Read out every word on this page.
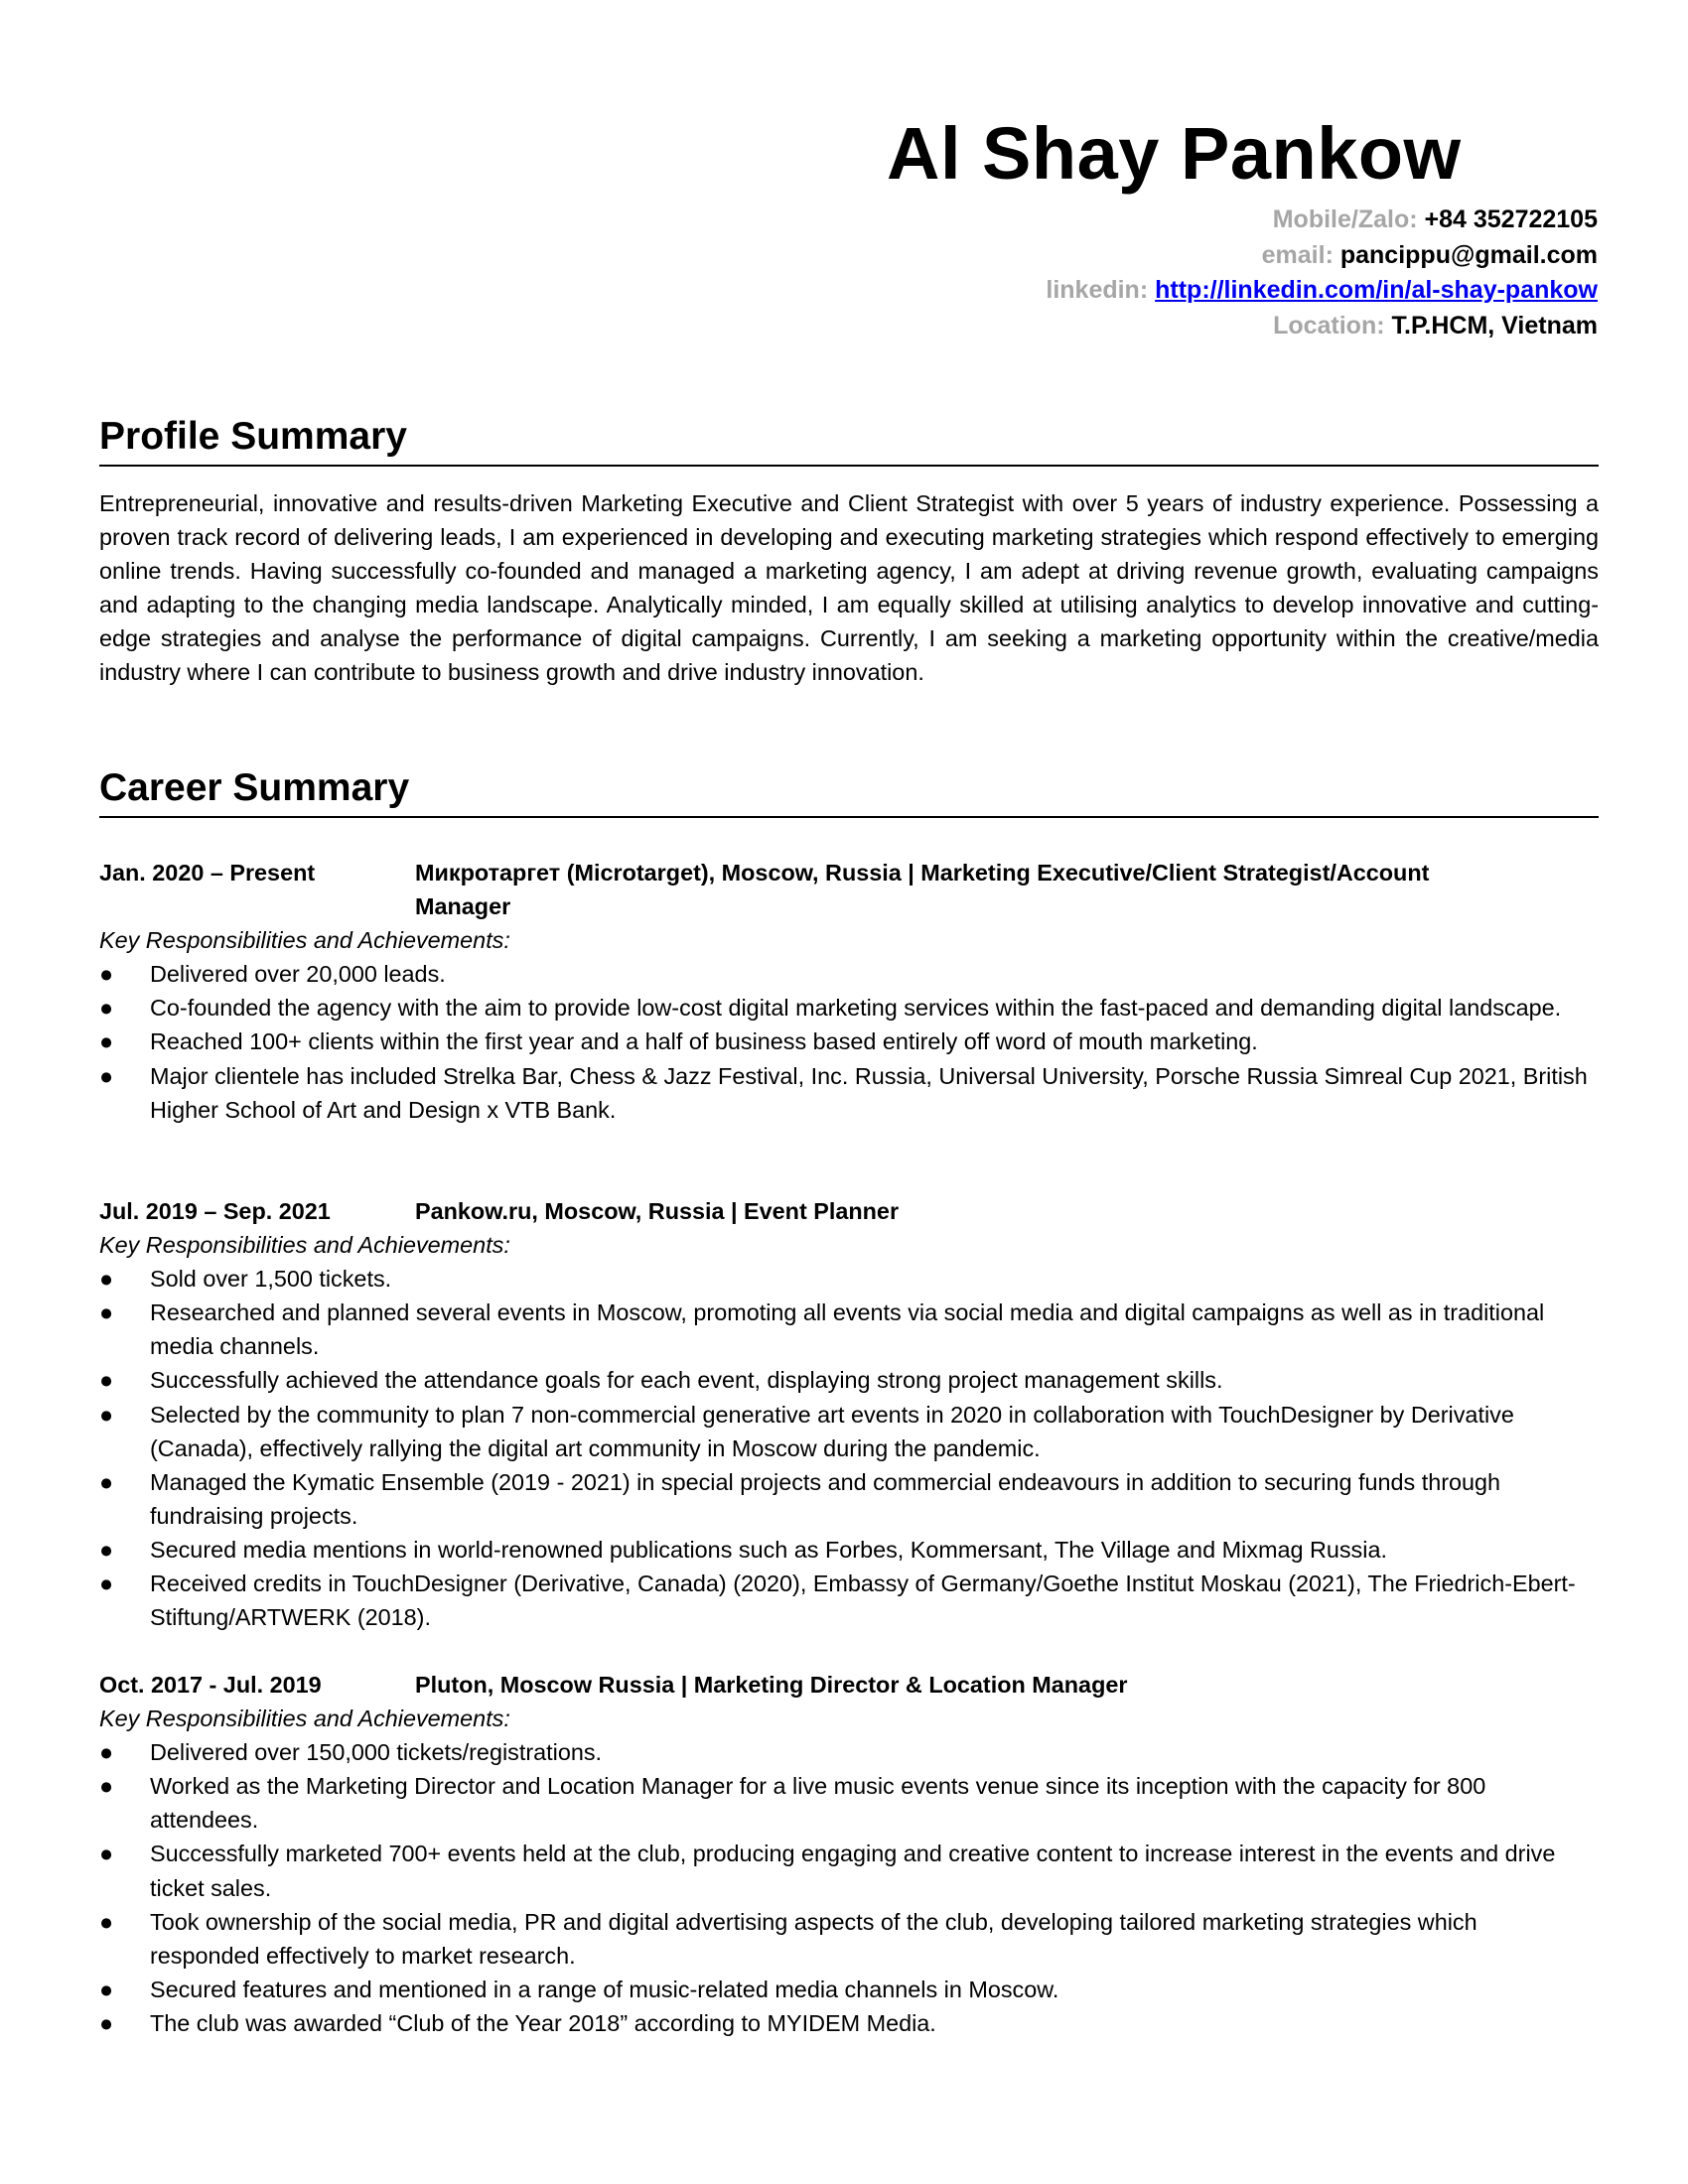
Al Shay Pankow
Mobile/Zalo: +84 352722105
email: pancippu@gmail.com
linkedin: http://linkedin.com/in/al-shay-pankow
Location: T.P.HCM, Vietnam
Profile Summary
Entrepreneurial, innovative and results-driven Marketing Executive and Client Strategist with over 5 years of industry experience. Possessing a proven track record of delivering leads, I am experienced in developing and executing marketing strategies which respond effectively to emerging online trends. Having successfully co-founded and managed a marketing agency, I am adept at driving revenue growth, evaluating campaigns and adapting to the changing media landscape. Analytically minded, I am equally skilled at utilising analytics to develop innovative and cutting-edge strategies and analyse the performance of digital campaigns. Currently, I am seeking a marketing opportunity within the creative/media industry where I can contribute to business growth and drive industry innovation.
Career Summary
Jan. 2020 – Present	Микротаргет (Microtarget), Moscow, Russia | Marketing Executive/Client Strategist/Account Manager
Key Responsibilities and Achievements:
●	Delivered over 20,000 leads.
●	Co-founded the agency with the aim to provide low-cost digital marketing services within the fast-paced and demanding digital landscape.
●	Reached 100+ clients within the first year and a half of business based entirely off word of mouth marketing.
●	Major clientele has included Strelka Bar, Chess & Jazz Festival, Inc. Russia, Universal University, Porsche Russia Simreal Cup 2021, British Higher School of Art and Design x VTB Bank.
Jul. 2019 – Sep. 2021	Pankow.ru, Moscow, Russia | Event Planner
Key Responsibilities and Achievements:
●	Sold over 1,500 tickets.
●	Researched and planned several events in Moscow, promoting all events via social media and digital campaigns as well as in traditional media channels.
●	Successfully achieved the attendance goals for each event, displaying strong project management skills.
●	Selected by the community to plan 7 non-commercial generative art events in 2020 in collaboration with TouchDesigner by Derivative (Canada), effectively rallying the digital art community in Moscow during the pandemic.
●	Managed the Kymatic Ensemble (2019 - 2021) in special projects and commercial endeavours in addition to securing funds through fundraising projects.
●	Secured media mentions in world-renowned publications such as Forbes, Kommersant, The Village and Mixmag Russia.
●	Received credits in TouchDesigner (Derivative, Canada) (2020), Embassy of Germany/Goethe Institut Moskau (2021), The Friedrich-Ebert-Stiftung/ARTWERK (2018).
Oct. 2017 - Jul. 2019	Pluton, Moscow Russia | Marketing Director & Location Manager
Key Responsibilities and Achievements:
●	Delivered over 150,000 tickets/registrations.
●	Worked as the Marketing Director and Location Manager for a live music events venue since its inception with the capacity for 800 attendees.
●	Successfully marketed 700+ events held at the club, producing engaging and creative content to increase interest in the events and drive ticket sales.
●	Took ownership of the social media, PR and digital advertising aspects of the club, developing tailored marketing strategies which responded effectively to market research.
●	Secured features and mentioned in a range of music-related media channels in Moscow.
●	The club was awarded “Club of the Year 2018” according to MYIDEM Media.
